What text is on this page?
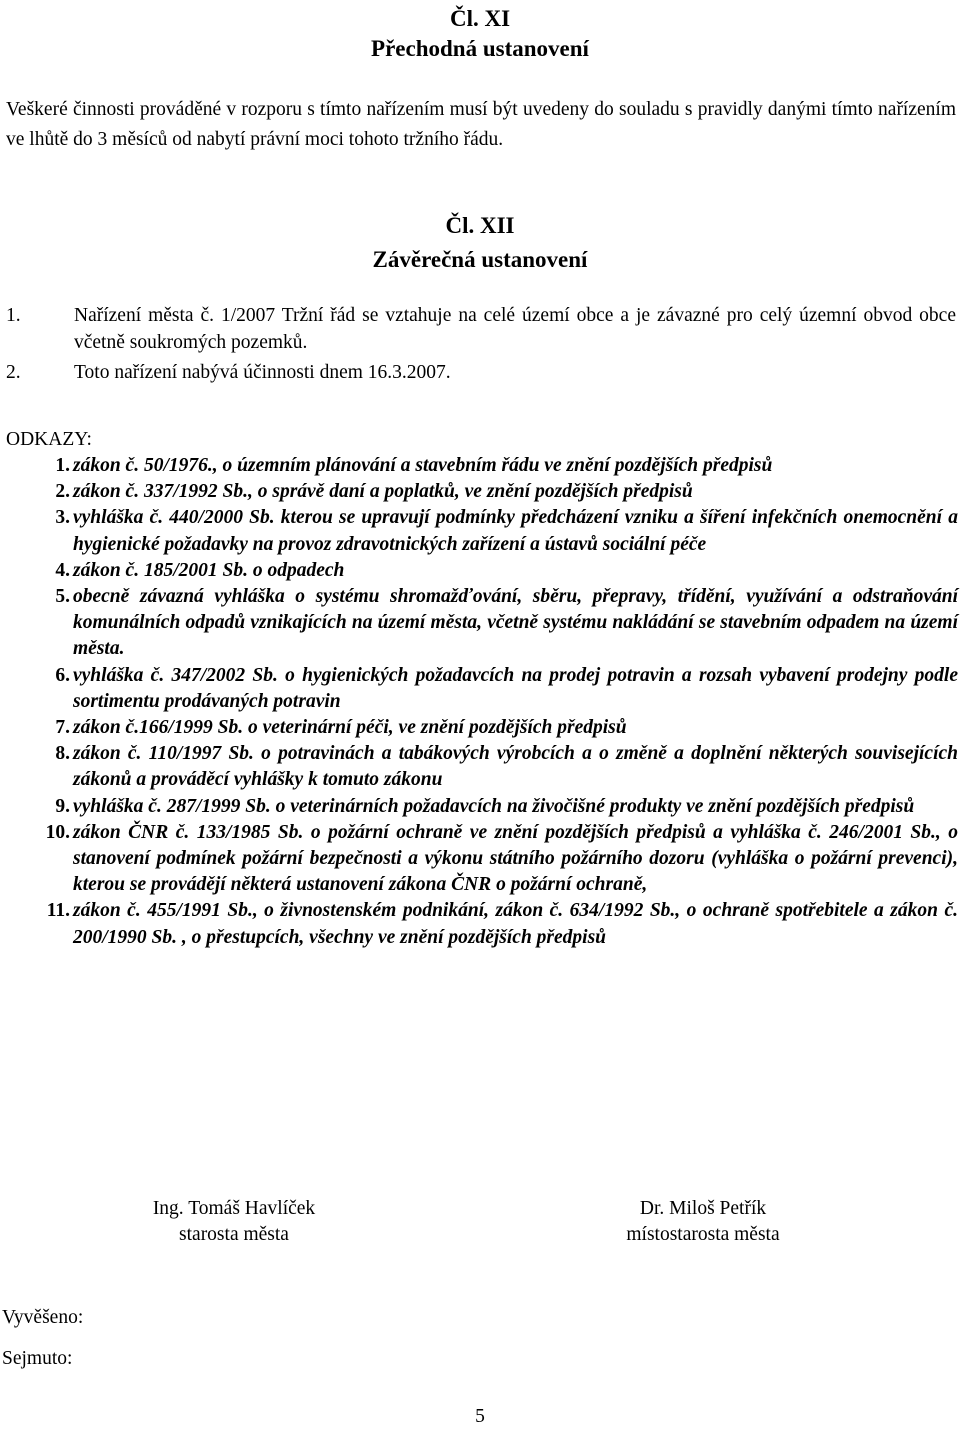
Čl. XI
Přechodná ustanovení
Veškeré činnosti prováděné v rozporu s tímto nařízením musí být uvedeny do souladu s pravidly danými tímto nařízením ve lhůtě do 3 měsíců od nabytí právní moci tohoto tržního řádu.
Čl. XII
Závěrečná ustanovení
1.	Nařízení města č. 1/2007 Tržní řád se vztahuje na celé území obce a je závazné pro celý územní obvod obce včetně soukromých pozemků.
2.	Toto nařízení nabývá účinnosti dnem 16.3.2007.
ODKAZY:
1. zákon č. 50/1976., o územním plánování a stavebním řádu ve znění pozdějších předpisů
2. zákon č. 337/1992 Sb., o správě daní a poplatků, ve znění pozdějších předpisů
3. vyhláška č. 440/2000 Sb. kterou se upravují podmínky předcházení vzniku a šíření infekčních onemocnění a hygienické požadavky na provoz zdravotnických zařízení a ústavů sociální péče
4. zákon č. 185/2001 Sb. o odpadech
5. obecně závazná vyhláška o systému shromažďování, sběru, přepravy, třídění, využívání a odstraňování komunálních odpadů vznikajících na území města, včetně systému nakládání se stavebním odpadem na území města.
6. vyhláška č. 347/2002 Sb. o hygienických požadavcích na prodej potravin a rozsah vybavení prodejny podle sortimentu prodávaných potravin
7. zákon č.166/1999 Sb. o veterinární péči, ve znění pozdějších předpisů
8. zákon č. 110/1997 Sb. o potravinách a tabákových výrobcích a o změně a doplnění některých souvisejících zákonů a prováděcí vyhlášky k tomuto zákonu
9. vyhláška č. 287/1999 Sb. o veterinárních požadavcích na živočišné produkty ve znění pozdějších předpisů
10. zákon ČNR č. 133/1985 Sb. o požární ochraně ve znění pozdějších předpisů a vyhláška č. 246/2001 Sb., o stanovení podmínek požární bezpečnosti a výkonu státního požárního dozoru (vyhláška o požární prevenci), kterou se provádějí některá ustanovení zákona ČNR o požární ochraně,
11. zákon č. 455/1991 Sb., o živnostenském podnikání, zákon č. 634/1992 Sb., o ochraně spotřebitele a zákon č. 200/1990 Sb. , o přestupcích, všechny ve znění pozdějších předpisů
Ing. Tomáš Havlíček
starosta města
Dr. Miloš Petřík
místostarosta města
Vyvěšeno:
Sejmuto:
5
